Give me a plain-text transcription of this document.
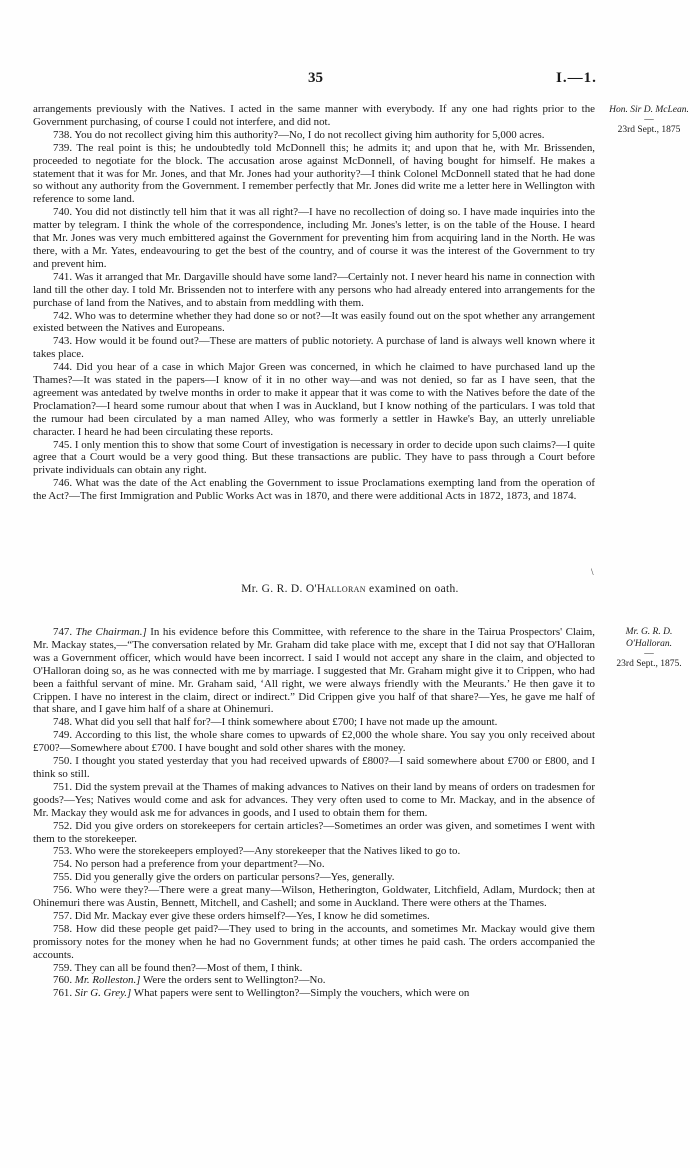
35	I.—1.
Hon. Sir D. McLean.
—
23rd Sept., 1875

arrangements previously with the Natives. I acted in the same manner with everybody. If any one had rights prior to the Government purchasing, of course I could not interfere, and did not.

738. You do not recollect giving him this authority?—No, I do not recollect giving him authority for 5,000 acres.

739. The real point is this; he undoubtedly told McDonnell this; he admits it; and upon that he, with Mr. Brissenden, proceeded to negotiate for the block. The accusation arose against McDonnell, of having bought for himself. He makes a statement that it was for Mr. Jones, and that Mr. Jones had your authority?—I think Colonel McDonnell stated that he had done so without any authority from the Government. I remember perfectly that Mr. Jones did write me a letter here in Wellington with reference to some land.

740. You did not distinctly tell him that it was all right?—I have no recollection of doing so. I have made inquiries into the matter by telegram. I think the whole of the correspondence, including Mr. Jones's letter, is on the table of the House. I heard that Mr. Jones was very much embittered against the Government for preventing him from acquiring land in the North. He was there, with a Mr. Yates, endeavouring to get the best of the country, and of course it was the interest of the Government to try and prevent him.

741. Was it arranged that Mr. Dargaville should have some land?—Certainly not. I never heard his name in connection with land till the other day. I told Mr. Brissenden not to interfere with any persons who had already entered into arrangements for the purchase of land from the Natives, and to abstain from meddling with them.

742. Who was to determine whether they had done so or not?—It was easily found out on the spot whether any arrangement existed between the Natives and Europeans.

743. How would it be found out?—These are matters of public notoriety. A purchase of land is always well known where it takes place.

744. Did you hear of a case in which Major Green was concerned, in which he claimed to have purchased land up the Thames?—It was stated in the papers—I know of it in no other way—and was not denied, so far as I have seen, that the agreement was antedated by twelve months in order to make it appear that it was come to with the Natives before the date of the Proclamation?—I heard some rumour about that when I was in Auckland, but I know nothing of the particulars. I was told that the rumour had been circulated by a man named Alley, who was formerly a settler in Hawke's Bay, an utterly unreliable character. I heard he had been circulating these reports.

745. I only mention this to show that some Court of investigation is necessary in order to decide upon such claims?—I quite agree that a Court would be a very good thing. But these transactions are public. They have to pass through a Court before private individuals can obtain any right.

746. What was the date of the Act enabling the Government to issue Proclamations exempting land from the operation of the Act?—The first Immigration and Public Works Act was in 1870, and there were additional Acts in 1872, 1873, and 1874.

\
Mr. G. R. D. O'Halloran examined on oath.
Mr. G. R. D. O'Halloran.
—
23rd Sept., 1875.

747. The Chairman.] In his evidence before this Committee, with reference to the share in the Tairua Prospectors' Claim, Mr. Mackay states,—“The conversation related by Mr. Graham did take place with me, except that I did not say that O'Halloran was a Government officer, which would have been incorrect. I said I would not accept any share in the claim, and objected to O'Halloran doing so, as he was connected with me by marriage. I suggested that Mr. Graham might give it to Crippen, who had been a faithful servant of mine. Mr. Graham said, ‘All right, we were always friendly with the Meurants.’ He then gave it to Crippen. I have no interest in the claim, direct or indirect.” Did Crippen give you half of that share?—Yes, he gave me half of that share, and I gave him half of a share at Ohinemuri.

748. What did you sell that half for?—I think somewhere about £700; I have not made up the amount.

749. According to this list, the whole share comes to upwards of £2,000 the whole share. You say you only received about £700?—Somewhere about £700. I have bought and sold other shares with the money.

750. I thought you stated yesterday that you had received upwards of £800?—I said somewhere about £700 or £800, and I think so still.

751. Did the system prevail at the Thames of making advances to Natives on their land by means of orders on tradesmen for goods?—Yes; Natives would come and ask for advances. They very often used to come to Mr. Mackay, and in the absence of Mr. Mackay they would ask me for advances in goods, and I used to obtain them for them.

752. Did you give orders on storekeepers for certain articles?—Sometimes an order was given, and sometimes I went with them to the storekeeper.

753. Who were the storekeepers employed?—Any storekeeper that the Natives liked to go to.

754. No person had a preference from your department?—No.

755. Did you generally give the orders on particular persons?—Yes, generally.

756. Who were they?—There were a great many—Wilson, Hetherington, Goldwater, Litchfield, Adlam, Murdock; then at Ohinemuri there was Austin, Bennett, Mitchell, and Cashell; and some in Auckland. There were others at the Thames.

757. Did Mr. Mackay ever give these orders himself?—Yes, I know he did sometimes.

758. How did these people get paid?—They used to bring in the accounts, and sometimes Mr. Mackay would give them promissory notes for the money when he had no Government funds; at other times he paid cash. The orders accompanied the accounts.

759. They can all be found then?—Most of them, I think.

760. Mr. Rolleston.] Were the orders sent to Wellington?—No.

761. Sir G. Grey.] What papers were sent to Wellington?—Simply the vouchers, which were on
